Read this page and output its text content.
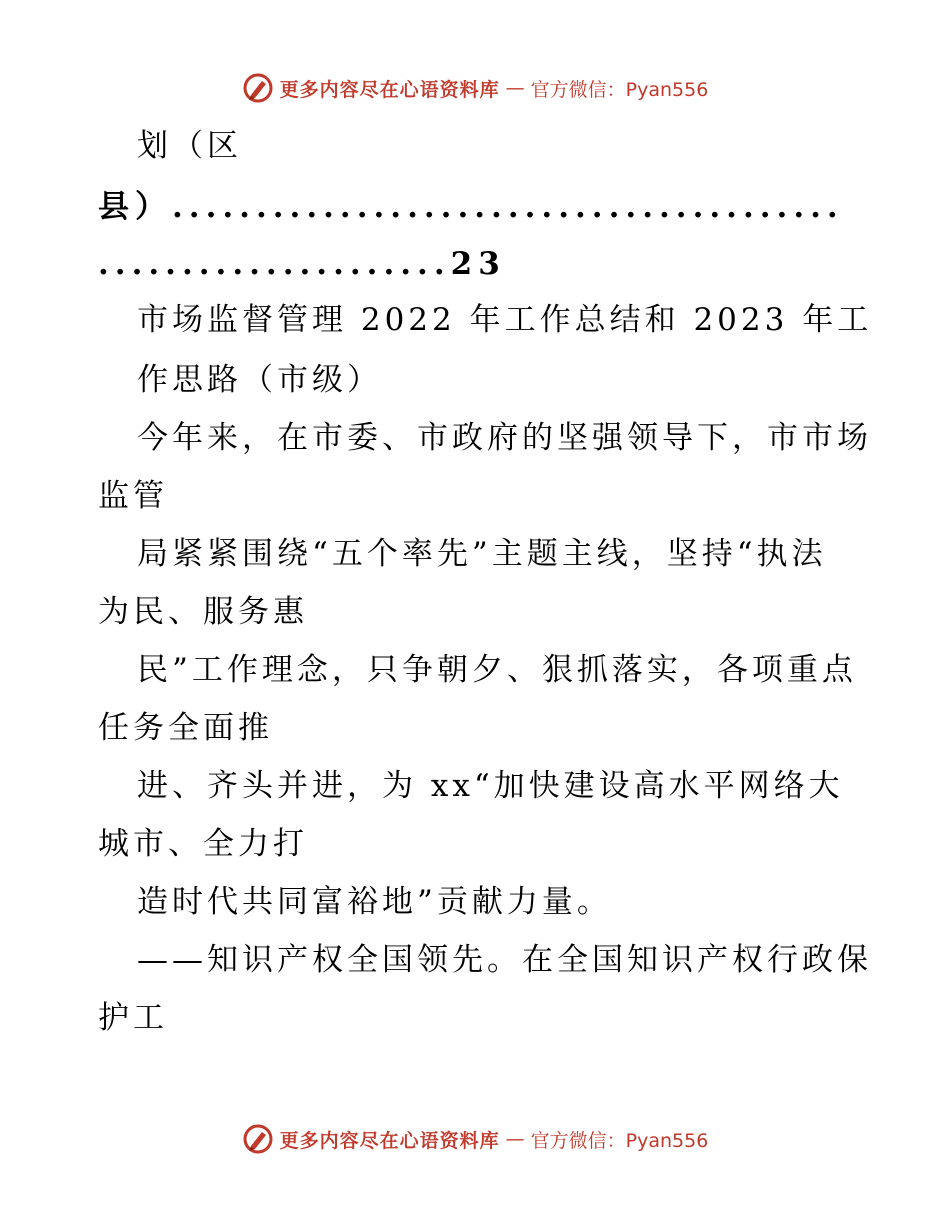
更多内容尽在心语资料库 — 官方微信：Pyan556
划（区
县）........................................
.....................23
市场监督管理 2022 年工作总结和 2023 年工
作思路（市级）
今年来，在市委、市政府的坚强领导下，市市场
监管
局紧紧围绕“五个率先”主题主线，坚持“执法
为民、服务惠
民”工作理念，只争朝夕、狠抓落实，各项重点
任务全面推
进、齐头并进，为 xx“加快建设高水平网络大
城市、全力打
造时代共同富裕地”贡献力量。
——知识产权全国领先。在全国知识产权行政保
护工
更多内容尽在心语资料库 — 官方微信：Pyan556
